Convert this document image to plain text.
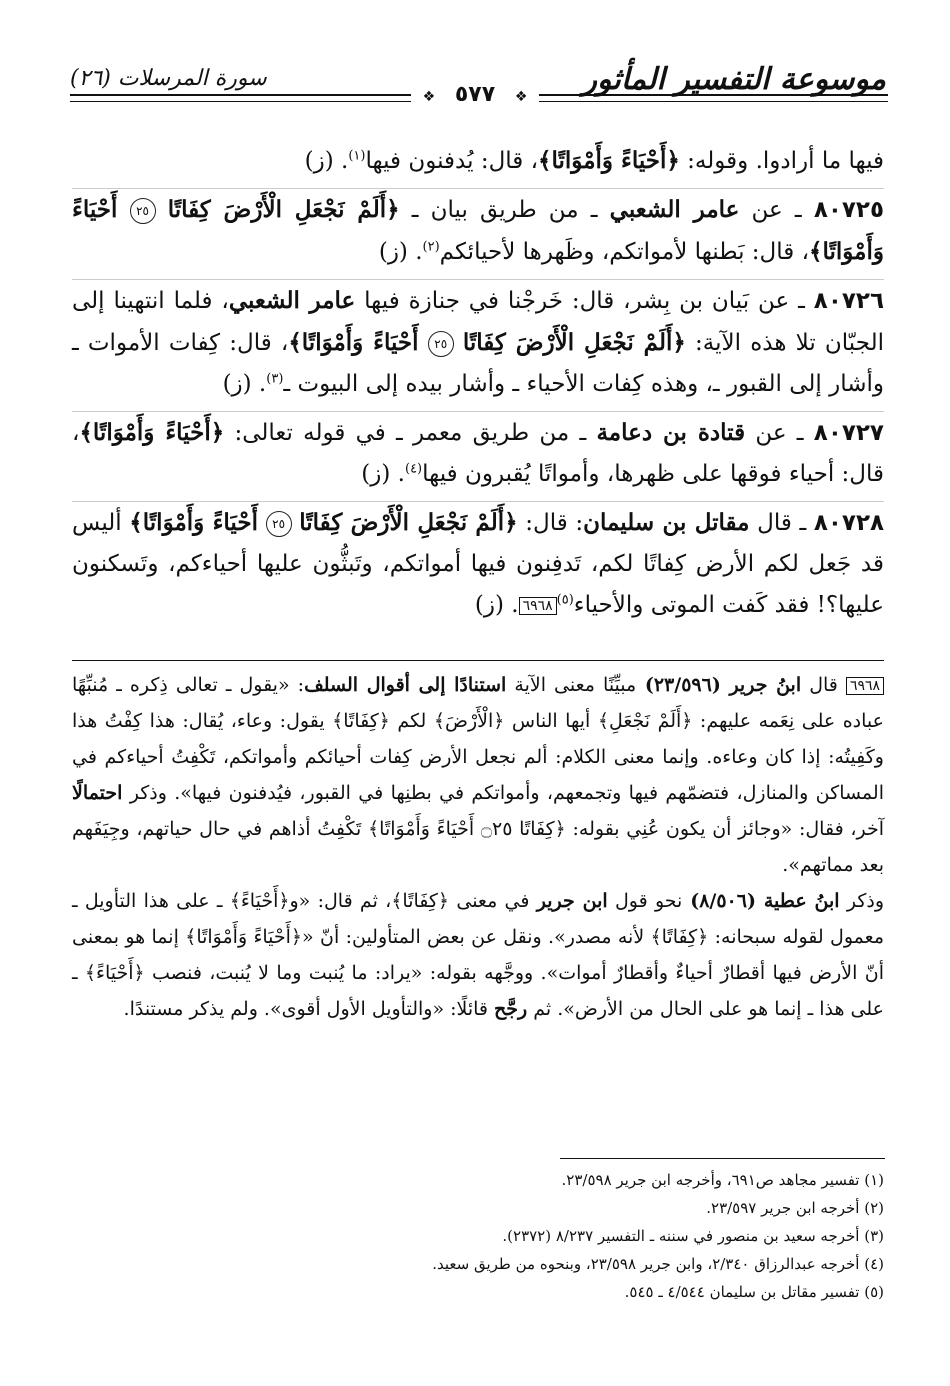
موسوعة التفسير المأثور
سورة المرسلات (٢٦)
❖ ٥٧٧ ❖

فيها ما أرادوا. وقوله: ﴿أَحْيَاءً وَأَمْوَاتًا﴾، قال: يُدفنون فيها$^{(١)}$. (ز)

٨٠٧٢٥ ـ عن عامر الشعبي ـ من طريق بيان ـ ﴿أَلَمْ نَجْعَلِ الْأَرْضَ كِفَاتًا ٢٥ أَحْيَاءً وَأَمْوَاتًا﴾، قال: بَطنها لأمواتكم، وظَهرها لأحيائكم$^{(٢)}$. (ز)

٨٠٧٢٦ ـ عن بَيان بن بِشر، قال: خَرجْنا في جنازة فيها عامر الشعبي، فلما انتهينا إلى الجبّان تلا هذه الآية: ﴿أَلَمْ نَجْعَلِ الْأَرْضَ كِفَاتًا ٢٥ أَحْيَاءً وَأَمْوَاتًا﴾، قال: كِفات الأموات ـ وأشار إلى القبور ـ، وهذه كِفات الأحياء ـ وأشار بيده إلى البيوت ـ$^{(٣)}$. (ز)

٨٠٧٢٧ ـ عن قتادة بن دعامة ـ من طريق معمر ـ في قوله تعالى: ﴿أَحْيَاءً وَأَمْوَاتًا﴾، قال: أحياء فوقها على ظهرها، وأمواتًا يُقبرون فيها$^{(٤)}$. (ز)

٨٠٧٢٨ ـ قال مقاتل بن سليمان: قال: ﴿أَلَمْ نَجْعَلِ الْأَرْضَ كِفَاتًا ٢٥ أَحْيَاءً وَأَمْوَاتًا﴾ أليس قد جَعل لكم الأرض كِفاتًا لكم، تَدفِنون فيها أمواتكم، وتَبثُّون عليها أحياءكم، وتَسكنون عليها؟! فقد كَفت الموتى والأحياء$^{(٥)}$٦٩٦٨. (ز)

٦٩٦٨ قال ابنُ جرير (٢٣/٥٩٦) مبيِّنًا معنى الآية استنادًا إلى أقوال السلف: «يقول ـ تعالى ذِكره ـ مُنبِّهًا عباده على نِعَمه عليهم: ﴿أَلَمْ نَجْعَلِ﴾ أيها الناس ﴿الْأَرْضَ﴾ لكم ﴿كِفَاتًا﴾ يقول: وعاء، يُقال: هذا كِفْتُ هذا وكَفِيتُه: إذا كان وعاءه. وإنما معنى الكلام: ألم نجعل الأرض كِفات أحيائكم وأمواتكم، تَكْفِتُ أحياءكم في المساكن والمنازل، فتضمّهم فيها وتجمعهم، وأمواتكم في بطنِها في القبور، فيُدفنون فيها». وذكر احتمالًا آخر، فقال: «وجائز أن يكون عُنِي بقوله: ﴿كِفَاتًا ۝٢٥ أَحْيَاءً وَأَمْوَاتًا﴾ تَكْفِتُ أذاهم في حال حياتهم، وجِيَفَهم بعد مماتهم».

وذكر ابنُ عطية (٨/٥٠٦) نحو قول ابن جرير في معنى ﴿كِفَاتًا﴾، ثم قال: «و﴿أَحْيَاءً﴾ ـ على هذا التأويل ـ معمول لقوله سبحانه: ﴿كِفَاتًا﴾ لأنه مصدر». ونقل عن بعض المتأولين: أنّ «﴿أَحْيَاءً وَأَمْوَاتًا﴾ إنما هو بمعنى أنّ الأرض فيها أقطارٌ أحياءٌ وأقطارٌ أموات». ووجَّهه بقوله: «يراد: ما يُنبت وما لا يُنبت، فنصب ﴿أَحْيَاءً﴾ ـ على هذا ـ إنما هو على الحال من الأرض». ثم رجَّح قائلًا: «والتأويل الأول أقوى». ولم يذكر مستندًا.

(١) تفسير مجاهد ص٦٩١، وأخرجه ابن جرير ٢٣/٥٩٨.
(٢) أخرجه ابن جرير ٢٣/٥٩٧.
(٣) أخرجه سعيد بن منصور في سننه ـ التفسير ٨/٢٣٧ (٢٣٧٢).
(٤) أخرجه عبدالرزاق ٢/٣٤٠، وابن جرير ٢٣/٥٩٨، وبنحوه من طريق سعيد.
(٥) تفسير مقاتل بن سليمان ٤/٥٤٤ ـ ٥٤٥.
